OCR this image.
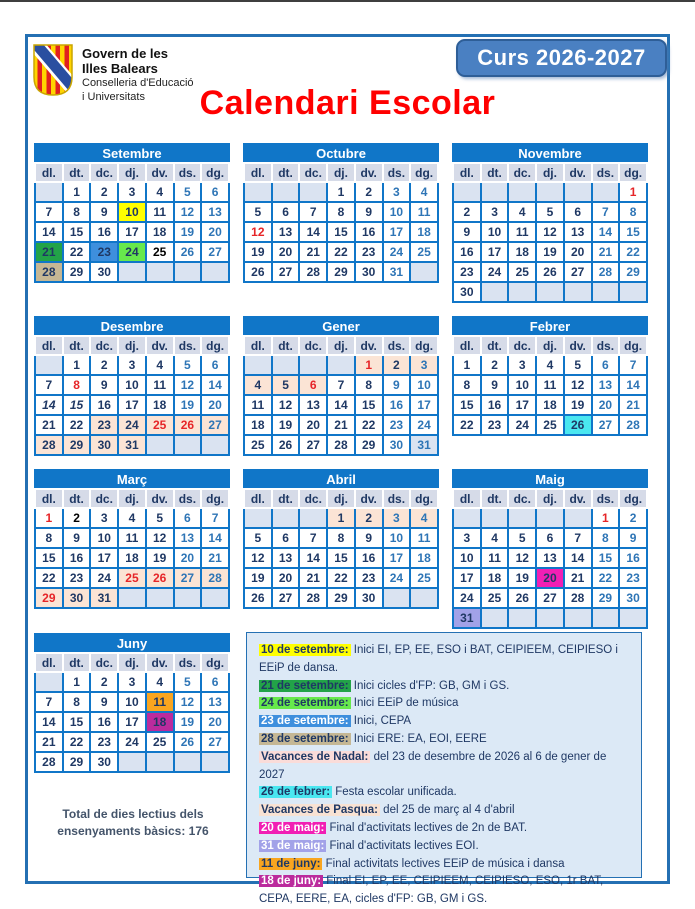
Govern de les
Illes Balears
Conselleria d'Educació
i Universitats
Curs 2026-2027
Calendari Escolar
Setembre						
dl.	dt.	dc.	dj.	dv.	ds.	dg.
	1	2	3	4	5	6
7	8	9	10	11	12	13
14	15	16	17	18	19	20
21	22	23	24	25	26	27
28	29	30				
Octubre						
dl.	dt.	dc.	dj.	dv.	ds.	dg.
			1	2	3	4
5	6	7	8	9	10	11
12	13	14	15	16	17	18
19	20	21	22	23	24	25
26	27	28	29	30	31	
Novembre						
dl.	dt.	dc.	dj.	dv.	ds.	dg.
						1
2	3	4	5	6	7	8
9	10	11	12	13	14	15
16	17	18	19	20	21	22
23	24	25	26	27	28	29
30						
Desembre						
dl.	dt.	dc.	dj.	dv.	ds.	dg.
	1	2	3	4	5	6
7	8	9	10	11	12	14
14	15	16	17	18	19	20
21	22	23	24	25	26	27
28	29	30	31			
Gener						
dl.	dt.	dc.	dj.	dv.	ds.	dg.
				1	2	3
4	5	6	7	8	9	10
11	12	13	14	15	16	17
18	19	20	21	22	23	24
25	26	27	28	29	30	31
Febrer						
dl.	dt.	dc.	dj.	dv.	ds.	dg.
1	2	3	4	5	6	7
8	9	10	11	12	13	14
15	16	17	18	19	20	21
22	23	24	25	26	27	28
Març						
dl.	dt.	dc.	dj.	dv.	ds.	dg.
1	2	3	4	5	6	7
8	9	10	11	12	13	14
15	16	17	18	19	20	21
22	23	24	25	26	27	28
29	30	31				
Abril						
dl.	dt.	dc.	dj.	dv.	ds.	dg.
			1	2	3	4
5	6	7	8	9	10	11
12	13	14	15	16	17	18
19	20	21	22	23	24	25
26	27	28	29	30		
Maig						
dl.	dt.	dc.	dj.	dv.	ds.	dg.
					1	2
3	4	5	6	7	8	9
10	11	12	13	14	15	16
17	18	19	20	21	22	23
24	25	26	27	28	29	30
31						
Juny						
dl.	dt.	dc.	dj.	dv.	ds.	dg.
	1	2	3	4	5	6
7	8	9	10	11	12	13
14	15	16	17	18	19	20
21	22	23	24	25	26	27
28	29	30				
10 de setembre: Inici EI, EP, EE, ESO i BAT, CEIPIEEM, CEIPIESO i EEiP de dansa.
21 de setembre: Inici cicles d'FP: GB, GM i GS.
24 de setembre: Inici EEiP de música
23 de setembre: Inici, CEPA
28 de setembre: Inici ERE: EA, EOI, EERE
Vacances de Nadal: del 23 de desembre de 2026 al 6 de gener de 2027
26 de febrer: Festa escolar unificada.
Vacances de Pasqua: del 25 de març al 4 d'abril
20 de maig: Final d'activitats lectives de 2n de BAT.
31 de maig: Final d'activitats lectives EOI.
11 de juny: Final activitats lectives EEiP de música i dansa
18 de juny: Final EI, EP, EE, CEIPIEEM, CEIPIESO, ESO, 1r BAT, CEPA, EERE, EA, cicles d'FP: GB, GM i GS.
Total de dies lectius dels
ensenyaments bàsics: 176
